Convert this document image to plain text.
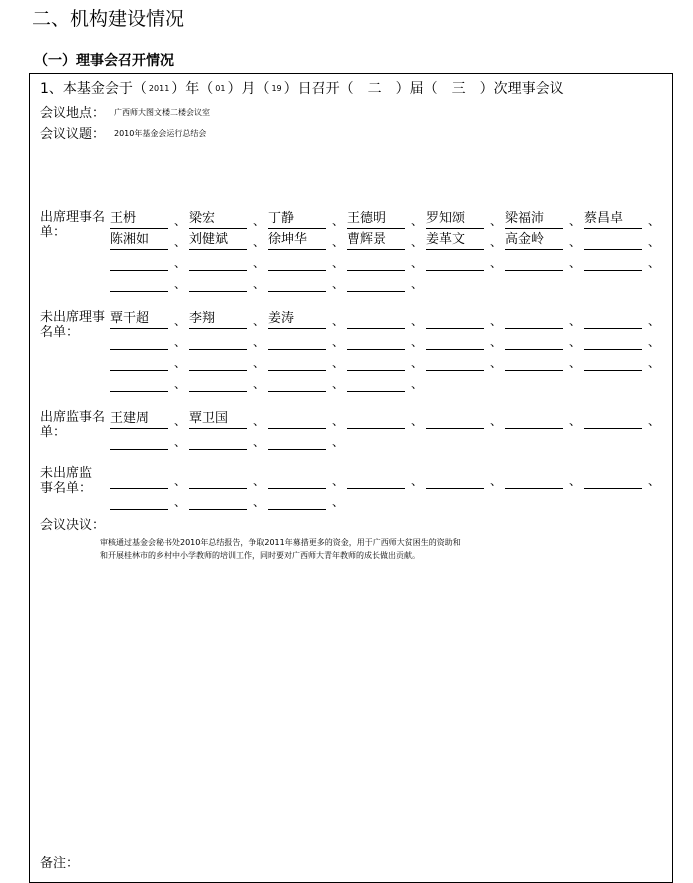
二、机构建设情况
（一）理事会召开情况
1、本基金会于（ 2011 ）年（ 01 ）月（ 19 ）日召开（ 二 ）届（ 三 ）次理事会议
会议地点： 广西师大图文楼二楼会议室
会议议题： 2010年基金会运行总结会
出席理事名单：
王枬	、 梁宏	、 丁静	、 王德明	、 罗知颂	、 梁福沛	、 蔡昌卓	、
陈湘如	、 刘健斌	、 徐坤华	、 曹辉景	、 姜革文	、 高金岭	、	、
、	、	、	、	、	、	、
、	、	、	、
未出席理事名单：
覃干超	、 李翔	、 姜涛	、	、	、	、	、
、	、	、	、	、	、	、
、	、	、	、	、	、	、
、	、	、	、
出席监事名单：
王建周	、 覃卫国	、	、	、	、	、	、
、	、	、
未出席监事名单：	、	、	、	、	、	、	、
、	、	、
会议决议：
审核通过基金会秘书处2010年总结报告，争取2011年募措更多的资金，用于广西师大贫困生的资助和
和开展桂林市的乡村中小学教师的培训工作，同时要对广西师大青年教师的成长做出贡献。
备注：
